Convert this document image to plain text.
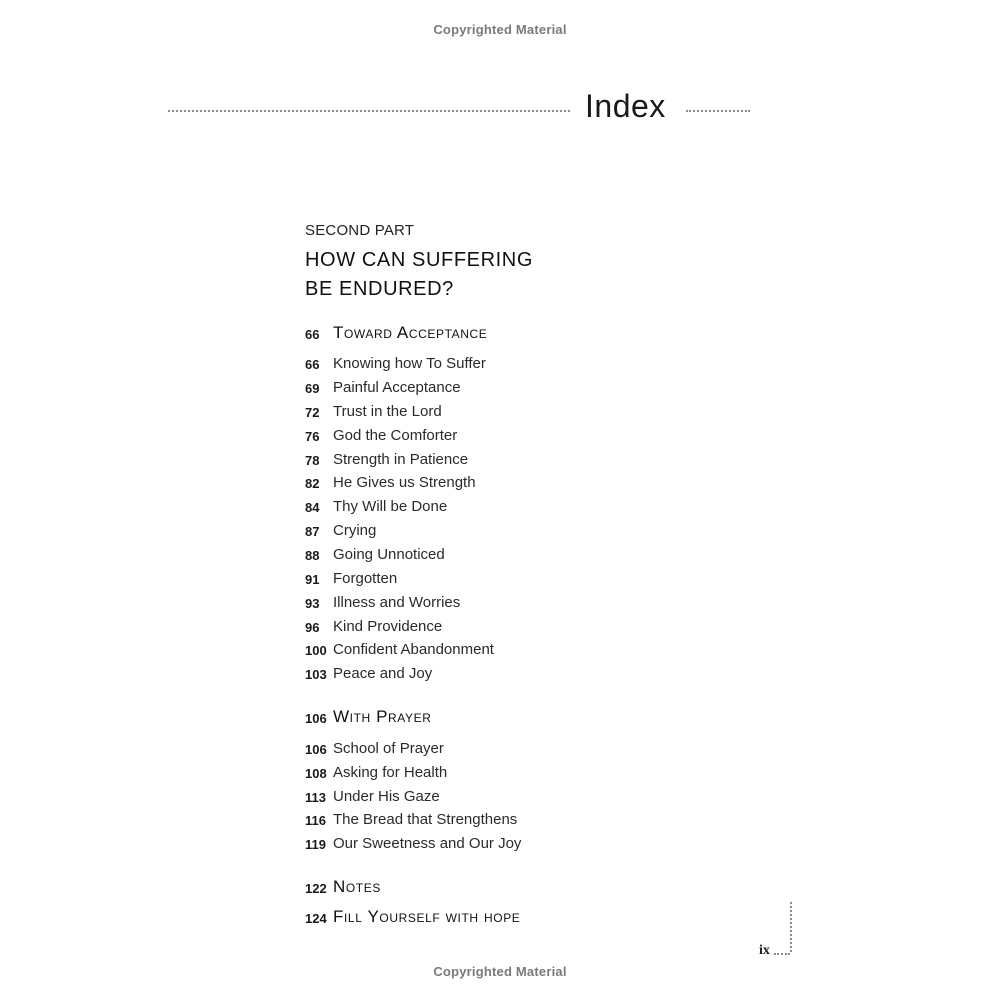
Copyrighted Material
Index
SECOND PART
HOW CAN SUFFERING
BE ENDURED?
66 Toward Acceptance
66 Knowing how To Suffer
69 Painful Acceptance
72 Trust in the Lord
76 God the Comforter
78 Strength in Patience
82 He Gives us Strength
84 Thy Will be Done
87 Crying
88 Going Unnoticed
91 Forgotten
93 Illness and Worries
96 Kind Providence
100 Confident Abandonment
103 Peace and Joy
106 With Prayer
106 School of Prayer
108 Asking for Health
113 Under His Gaze
116 The Bread that Strengthens
119 Our Sweetness and Our Joy
122 Notes
124 Fill Yourself with hope
ix
Copyrighted Material
